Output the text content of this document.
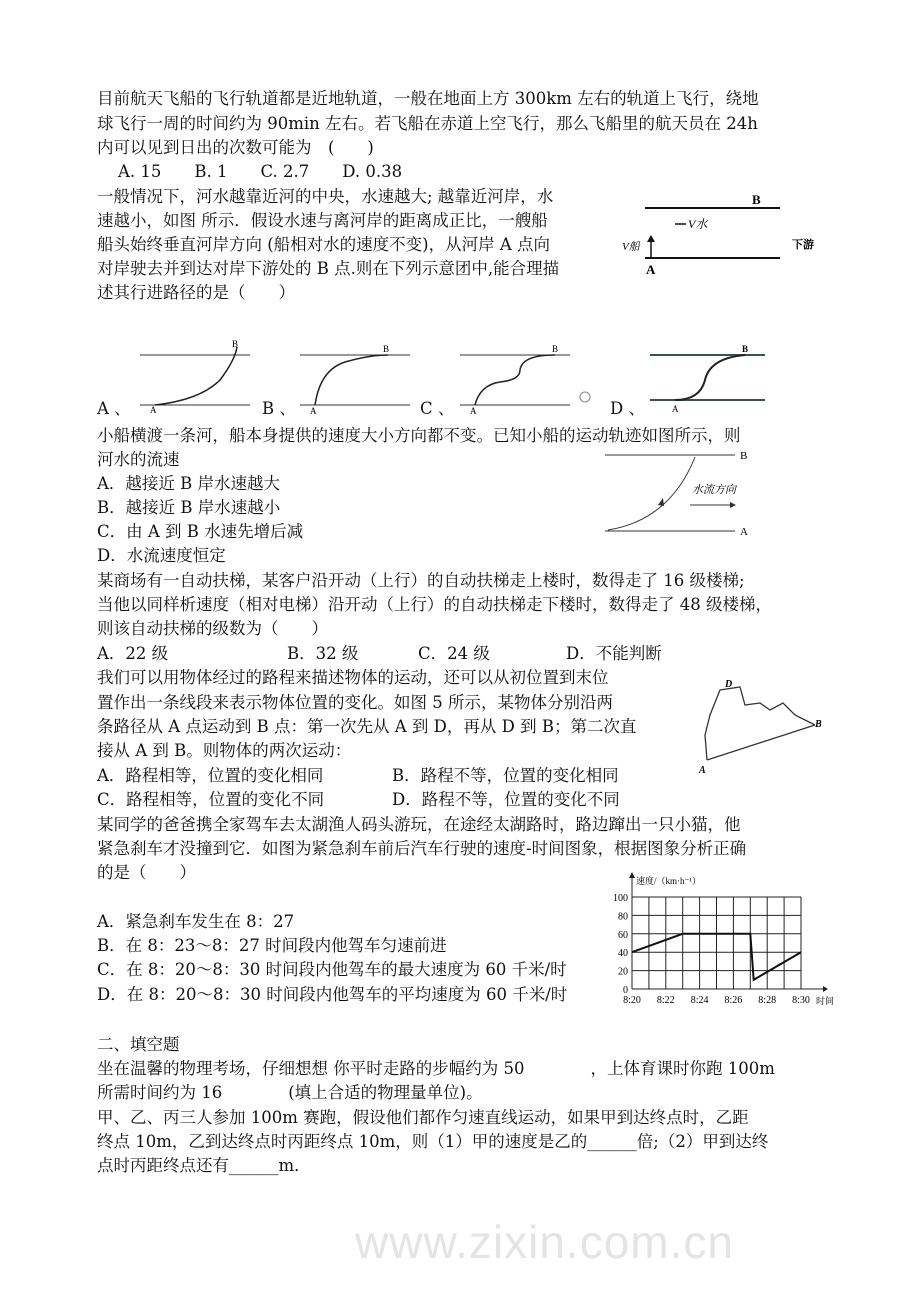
www.zixin.com.cn
目前航天飞船的飞行轨道都是近地轨道，一般在地面上方 300km 左右的轨道上飞行，绕地
球飞行一周的时间约为 90min 左右。若飞船在赤道上空飞行，那么飞船里的航天员在 24h
内可以见到日出的次数可能为　(　　)
A. 15　　B. 1　　C. 2.7　　D. 0.38
一般情况下，河水越靠近河的中央，水速越大; 越靠近河岸，水
速越小，如图 所示．假设水速与离河岸的距离成正比，一艘船
船头始终垂直河岸方向 (船相对水的速度不变)，从河岸 A 点向
对岸驶去并到达对岸下游处的 B 点.则在下列示意团中,能合理描
述其行进路径的是（　　）
B
V水
下游
V船
A
A 、	B 、	C 、	D 、
B
A
B
A
B
A
B
A
小船横渡一条河，船本身提供的速度大小方向都不变。已知小船的运动轨迹如图所示，则
河水的流速
A．越接近 B 岸水速越大
B．越接近 B 岸水速越小
C．由 A 到 B 水速先增后减
D．水流速度恒定
B
水流方向
A
某商场有一自动扶梯，某客户沿开动（上行）的自动扶梯走上楼时，数得走了 16 级楼梯;
当他以同样析速度（相对电梯）沿开动（上行）的自动扶梯走下楼时，数得走了 48 级楼梯，
则该自动扶梯的级数为（　　）
A．22 级	B．32 级	C．24 级	D．不能判断
我们可以用物体经过的路程来描述物体的运动，还可以从初位置到末位
置作出一条线段来表示物体位置的变化。如图 5 所示，某物体分别沿两
条路径从 A 点运动到 B 点：第一次先从 A 到 D，再从 D 到 B；第二次直
接从 A 到 B。则物体的两次运动：
A．路程相等，位置的变化相同	B．路程不等，位置的变化相同
C．路程相等，位置的变化不同	D．路程不等，位置的变化不同
D
B
A
某同学的爸爸携全家驾车去太湖渔人码头游玩，在途经太湖路时，路边蹿出一只小猫，他
紧急刹车才没撞到它．如图为紧急刹车前后汽车行驶的速度-时间图象，根据图象分析正确
的是（　　）
A．紧急刹车发生在 8：27
B．在 8：23～8：27 时间段内他驾车匀速前进
C．在 8：20～8：30 时间段内他驾车的最大速度为 60 千米/时
D．在 8：20～8：30 时间段内他驾车的平均速度为 60 千米/时
速度/（km·h⁻¹）
时间
0
20
40
60
80
100
8:20 8:22 8:24 8:26 8:28 8:30
二、填空题
坐在温馨的物理考场，仔细想想 你平时走路的步幅约为 50　　　　，上体育课时你跑 100m
所需时间约为 16　　　　(填上合适的物理量单位)。
甲、乙、丙三人参加 100m 赛跑，假设他们都作匀速直线运动，如果甲到达终点时，乙距
终点 10m，乙到达终点时丙距终点 10m，则（1）甲的速度是乙的______倍;（2）甲到达终
点时丙距终点还有______m．
